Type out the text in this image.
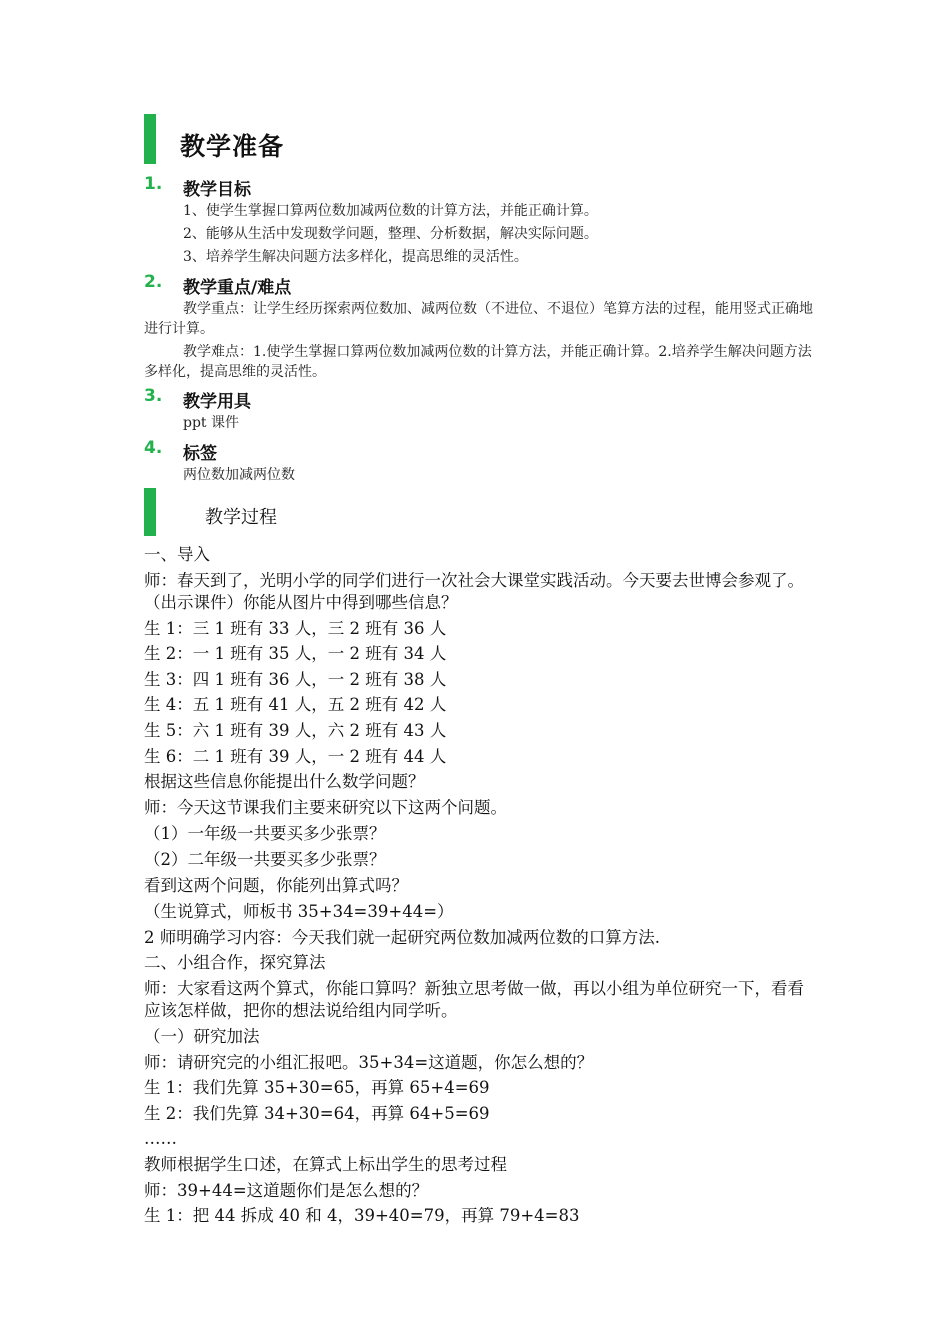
教学准备
1. 教学目标
1、使学生掌握口算两位数加减两位数的计算方法，并能正确计算。
2、能够从生活中发现数学问题，整理、分析数据，解决实际问题。
3、培养学生解决问题方法多样化，提高思维的灵活性。
2. 教学重点/难点
教学重点：让学生经历探索两位数加、减两位数（不进位、不退位）笔算方法的过程，能用竖式正确地进行计算。
教学难点：1.使学生掌握口算两位数加减两位数的计算方法，并能正确计算。2.培养学生解决问题方法多样化，提高思维的灵活性。
3. 教学用具
ppt 课件
4. 标签
两位数加减两位数
教学过程
一、导入
师：春天到了，光明小学的同学们进行一次社会大课堂实践活动。今天要去世博会参观了。（出示课件）你能从图片中得到哪些信息？
生 1：三 1 班有 33 人，三 2 班有 36 人
生 2：一 1 班有 35 人，一 2 班有 34 人
生 3：四 1 班有 36 人，一 2 班有 38 人
生 4：五 1 班有 41 人，五 2 班有 42 人
生 5：六 1 班有 39 人，六 2 班有 43 人
生 6：二 1 班有 39 人，一 2 班有 44 人
根据这些信息你能提出什么数学问题？
师：今天这节课我们主要来研究以下这两个问题。
（1）一年级一共要买多少张票？
（2）二年级一共要买多少张票？
看到这两个问题，你能列出算式吗？
（生说算式，师板书 35+34=39+44=）
2 师明确学习内容：今天我们就一起研究两位数加减两位数的口算方法.
二、小组合作，探究算法
师：大家看这两个算式，你能口算吗？新独立思考做一做，再以小组为单位研究一下，看看应该怎样做，把你的想法说给组内同学听。
（一）研究加法
师：请研究完的小组汇报吧。35+34=这道题，你怎么想的？
生 1：我们先算 35+30=65，再算 65+4=69
生 2：我们先算 34+30=64，再算 64+5=69
……
教师根据学生口述，在算式上标出学生的思考过程
师：39+44=这道题你们是怎么想的？
生 1：把 44 拆成 40 和 4，39+40=79，再算 79+4=83
